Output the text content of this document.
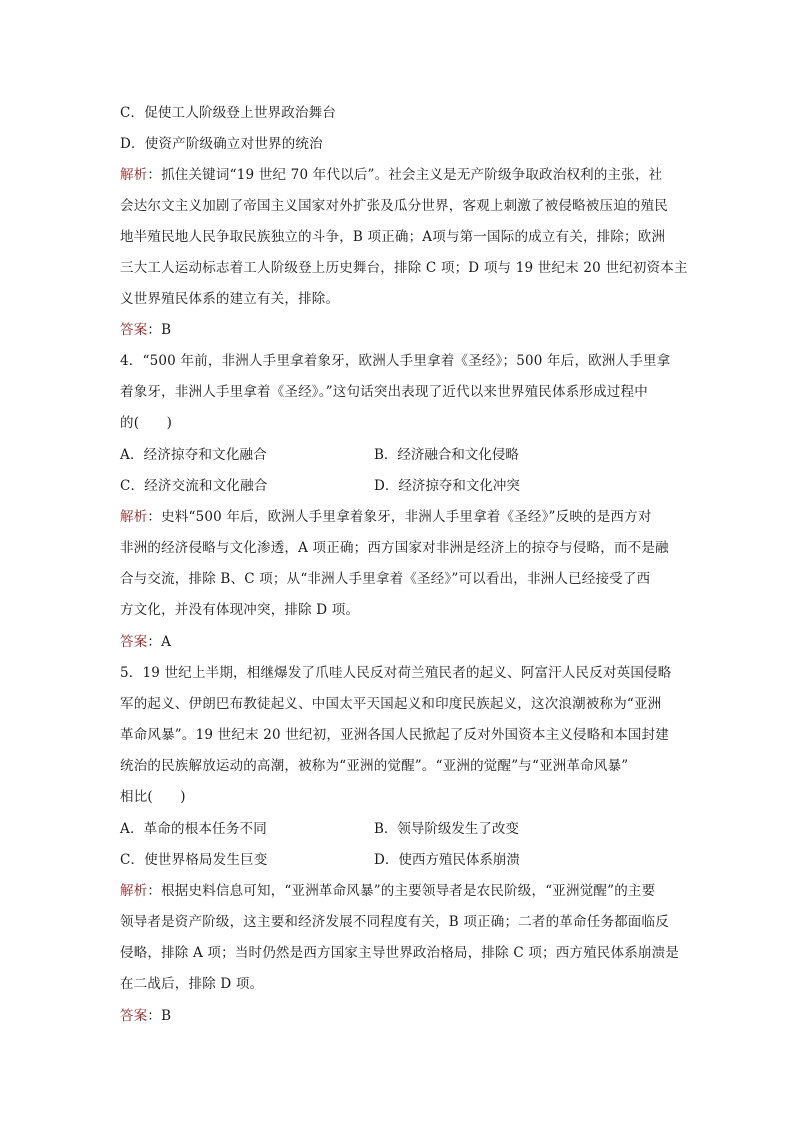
C．促使工人阶级登上世界政治舞台
D．使资产阶级确立对世界的统治
解析：抓住关键词“19 世纪 70 年代以后”。社会主义是无产阶级争取政治权利的主张，社
会达尔文主义加剧了帝国主义国家对外扩张及瓜分世界，客观上刺激了被侵略被压迫的殖民
地半殖民地人民争取民族独立的斗争，B 项正确；A项与第一国际的成立有关，排除；欧洲
三大工人运动标志着工人阶级登上历史舞台，排除 C 项；D 项与 19 世纪末 20 世纪初资本主
义世界殖民体系的建立有关，排除。
答案：B
4．“500 年前，非洲人手里拿着象牙，欧洲人手里拿着《圣经》；500 年后，欧洲人手里拿
着象牙，非洲人手里拿着《圣经》。”这句话突出表现了近代以来世界殖民体系形成过程中
的(　　)
A．经济掠夺和文化融合	B．经济融合和文化侵略
C．经济交流和文化融合	D．经济掠夺和文化冲突
解析：史料“500 年后，欧洲人手里拿着象牙，非洲人手里拿着《圣经》”反映的是西方对
非洲的经济侵略与文化渗透，A 项正确；西方国家对非洲是经济上的掠夺与侵略，而不是融
合与交流，排除 B、C 项；从“非洲人手里拿着《圣经》”可以看出，非洲人已经接受了西
方文化，并没有体现冲突，排除 D 项。
答案：A
5．19 世纪上半期，相继爆发了爪哇人民反对荷兰殖民者的起义、阿富汗人民反对英国侵略
军的起义、伊朗巴布教徒起义、中国太平天国起义和印度民族起义，这次浪潮被称为“亚洲
革命风暴”。19 世纪末 20 世纪初，亚洲各国人民掀起了反对外国资本主义侵略和本国封建
统治的民族解放运动的高潮，被称为“亚洲的觉醒”。“亚洲的觉醒”与“亚洲革命风暴”
相比(　　)
A．革命的根本任务不同	B．领导阶级发生了改变
C．使世界格局发生巨变	D．使西方殖民体系崩溃
解析：根据史料信息可知，“亚洲革命风暴”的主要领导者是农民阶级，“亚洲觉醒”的主要
领导者是资产阶级，这主要和经济发展不同程度有关，B 项正确；二者的革命任务都面临反
侵略，排除 A 项；当时仍然是西方国家主导世界政治格局，排除 C 项；西方殖民体系崩溃是
在二战后，排除 D 项。
答案：B
